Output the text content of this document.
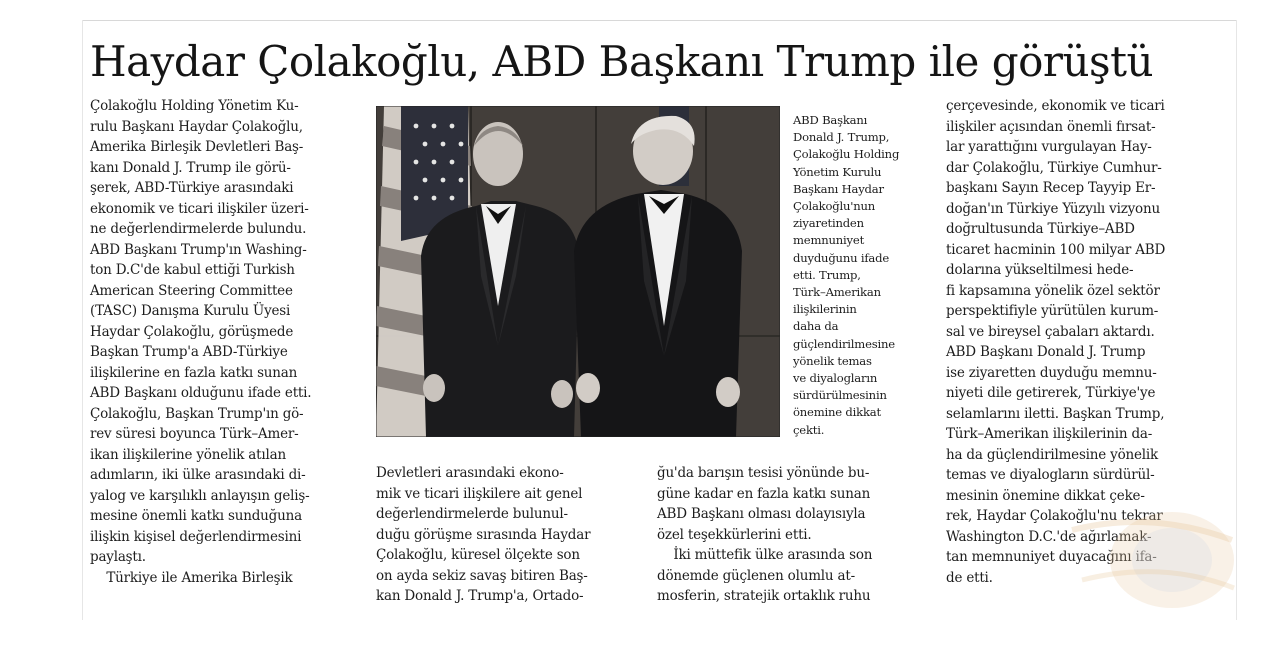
Haydar Çolakoğlu, ABD Başkanı Trump ile görüştü

Çolakoğlu Holding Yönetim Ku-

rulu Başkanı Haydar Çolakoğlu,

Amerika Birleşik Devletleri Baş-

kanı Donald J. Trump ile görü-

şerek, ABD-Türkiye arasındaki

ekonomik ve ticari ilişkiler üzeri-

ne değerlendirmelerde bulundu.

ABD Başkanı Trump'ın Washing-

ton D.C'de kabul ettiği Turkish

American Steering Committee

(TASC) Danışma Kurulu Üyesi

Haydar Çolakoğlu, görüşmede

Başkan Trump'a ABD-Türkiye

ilişkilerine en fazla katkı sunan

ABD Başkanı olduğunu ifade etti.

Çolakoğlu, Başkan Trump'ın gö-

rev süresi boyunca Türk–Amer-

ikan ilişkilerine yönelik atılan

adımların, iki ülke arasındaki di-

yalog ve karşılıklı anlayışın geliş-

mesine önemli katkı sunduğuna

ilişkin kişisel değerlendirmesini

paylaştı.

Türkiye ile Amerika Birleşik

ABD Başkanı

Donald J. Trump,

Çolakoğlu Holding

Yönetim Kurulu

Başkanı Haydar

Çolakoğlu'nun

ziyaretinden

memnuniyet

duyduğunu ifade

etti. Trump,

Türk–Amerikan

ilişkilerinin

daha da

güçlendirilmesine

yönelik temas

ve diyalogların

sürdürülmesinin

önemine dikkat

çekti.

Devletleri arasındaki ekono-

mik ve ticari ilişkilere ait genel

değerlendirmelerde bulunul-

duğu görüşme sırasında Haydar

Çolakoğlu, küresel ölçekte son

on ayda sekiz savaş bitiren Baş-

kan Donald J. Trump'a, Ortado-

ğu'da barışın tesisi yönünde bu-

güne kadar en fazla katkı sunan

ABD Başkanı olması dolayısıyla

özel teşekkürlerini etti.

İki müttefik ülke arasında son

dönemde güçlenen olumlu at-

mosferin, stratejik ortaklık ruhu

çerçevesinde, ekonomik ve ticari

ilişkiler açısından önemli fırsat-

lar yarattığını vurgulayan Hay-

dar Çolakoğlu, Türkiye Cumhur-

başkanı Sayın Recep Tayyip Er-

doğan'ın Türkiye Yüzyılı vizyonu

doğrultusunda Türkiye–ABD

ticaret hacminin 100 milyar ABD

dolarına yükseltilmesi hede-

fi kapsamına yönelik özel sektör

perspektifiyle yürütülen kurum-

sal ve bireysel çabaları aktardı.

ABD Başkanı Donald J. Trump

ise ziyaretten duyduğu memnu-

niyeti dile getirerek, Türkiye'ye

selamlarını iletti. Başkan Trump,

Türk–Amerikan ilişkilerinin da-

ha da güçlendirilmesine yönelik

temas ve diyalogların sürdürül-

mesinin önemine dikkat çeke-

rek, Haydar Çolakoğlu'nu tekrar

Washington D.C.'de ağırlamak-

tan memnuniyet duyacağını ifa-

de etti.
